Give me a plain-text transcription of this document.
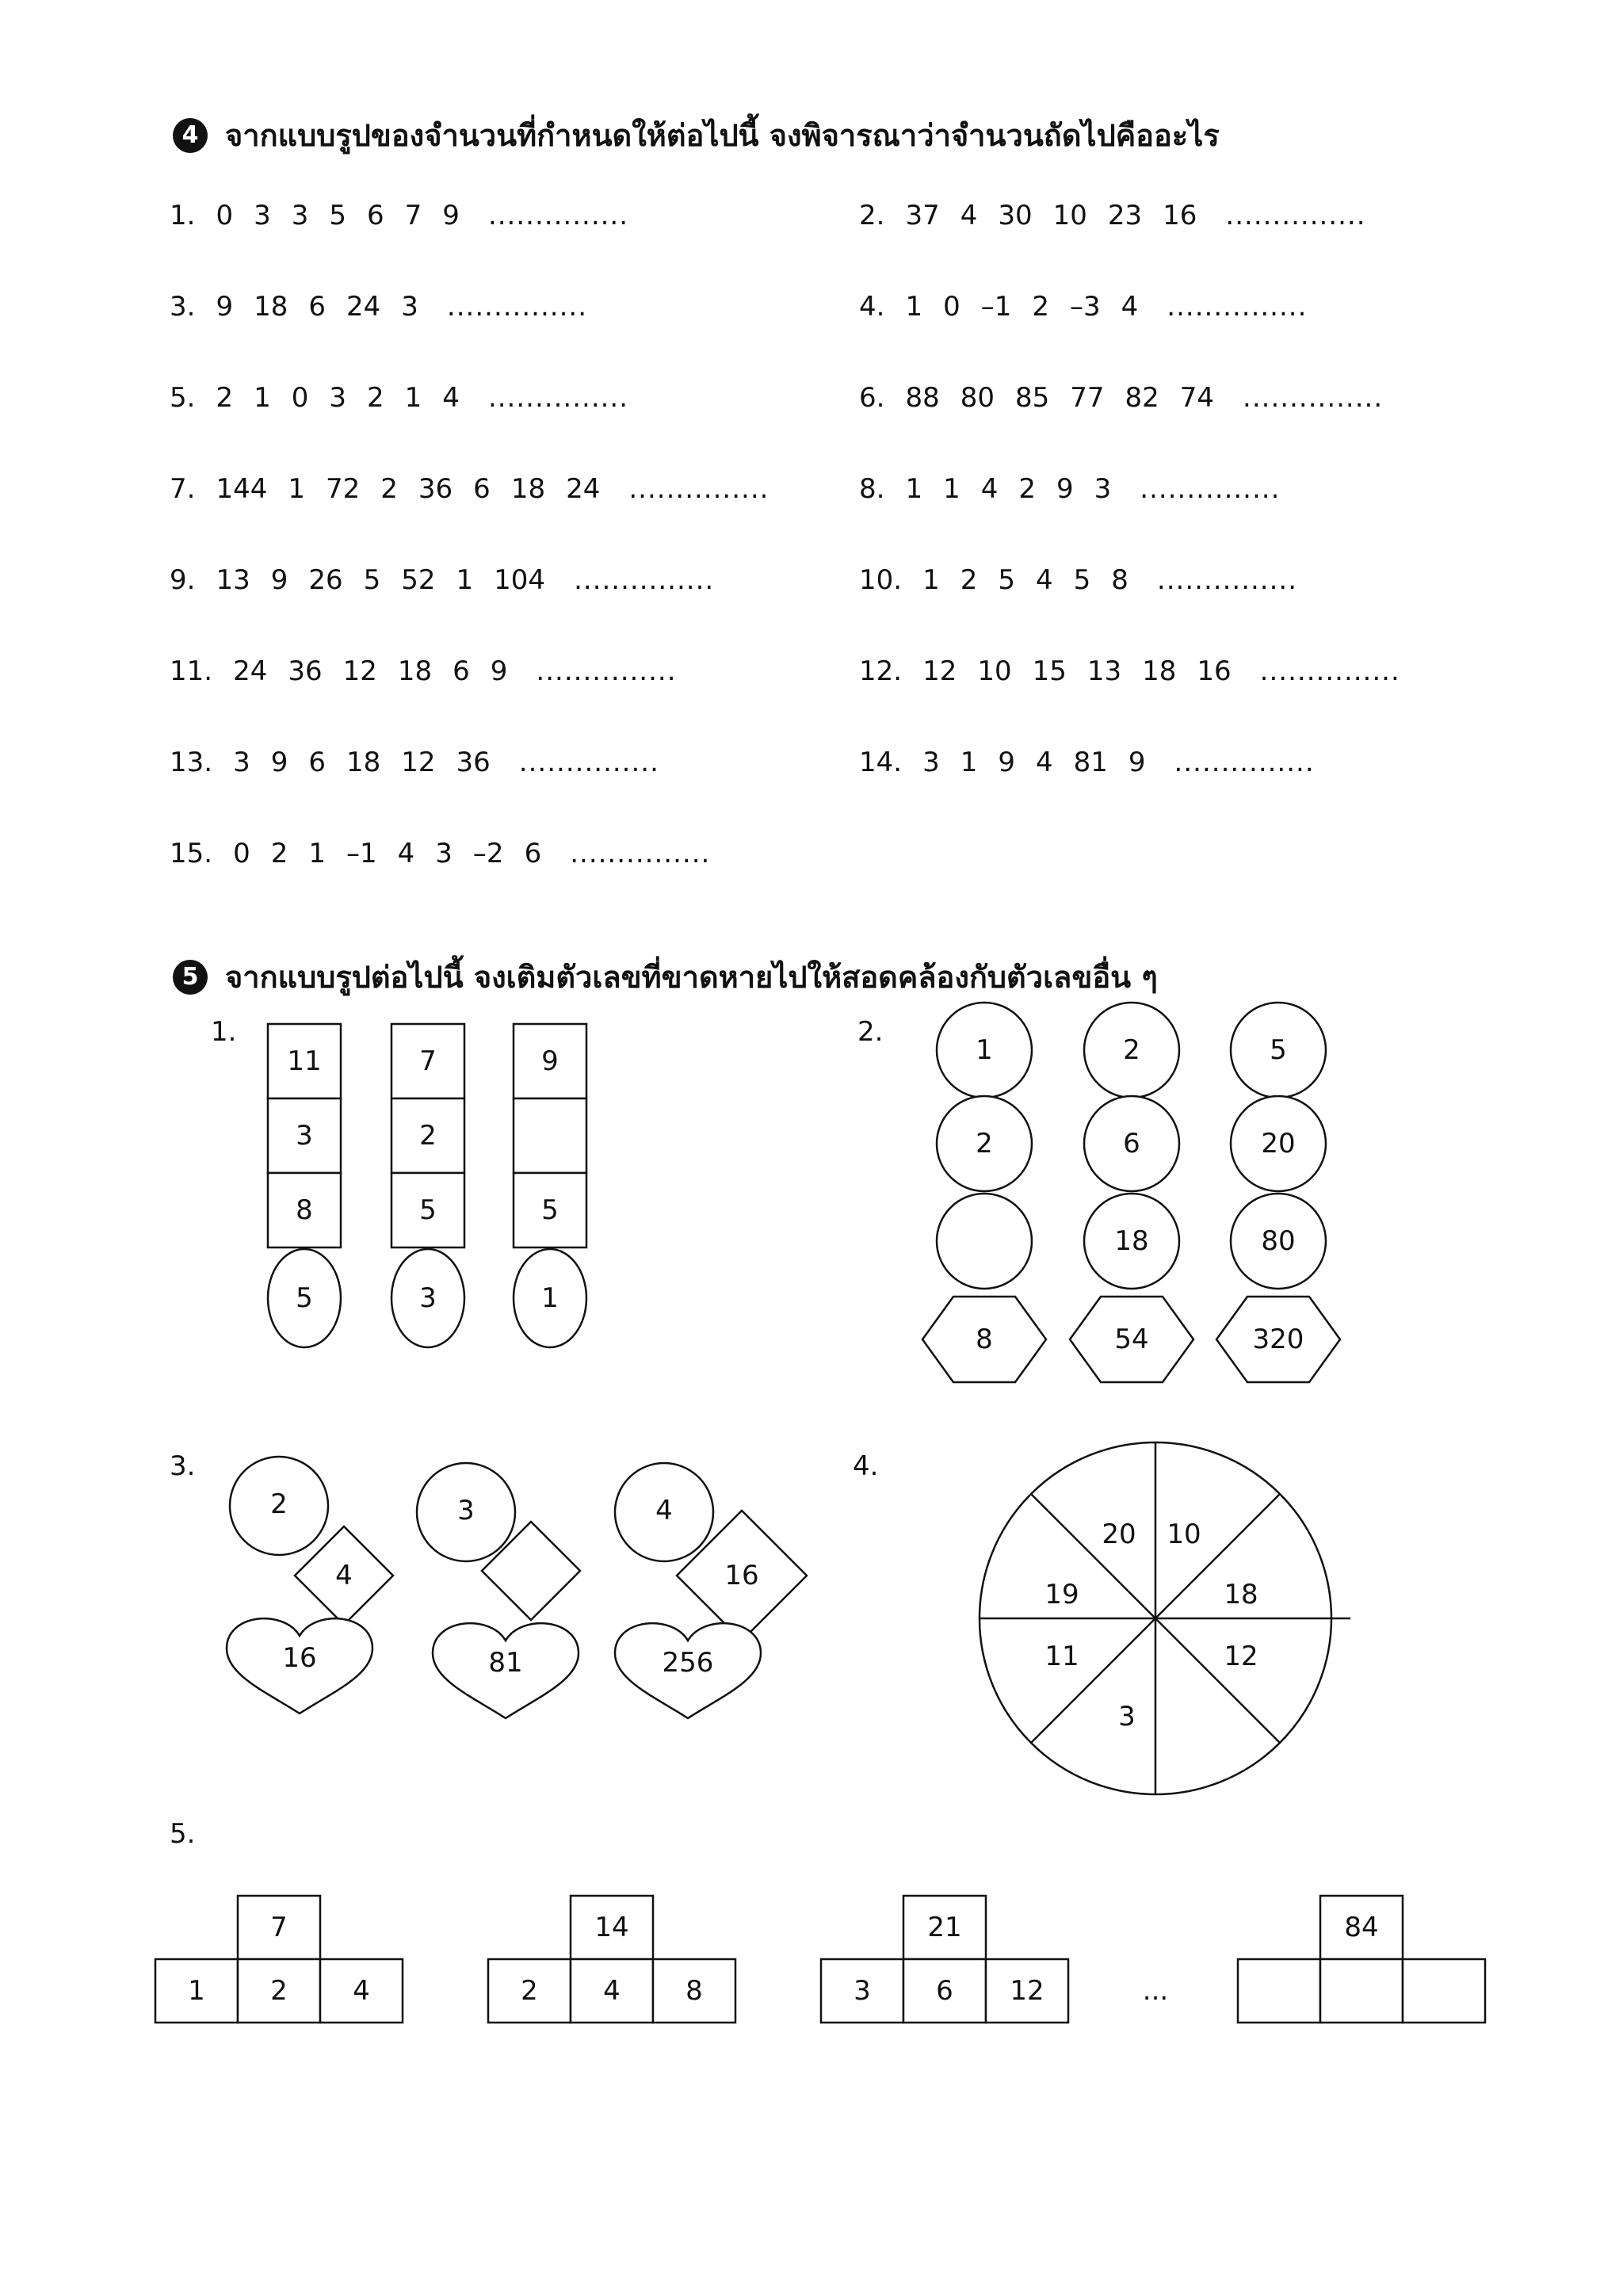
4 จากแบบรูปของจำนวนที่กำหนดให้ต่อไปนี้ จงพิจารณาว่าจำนวนถัดไปคืออะไร
1. 0 3 3 5 6 7 9 ...............	2. 37 4 30 10 23 16 ...............
3. 9 18 6 24 3 ...............	4. 1 0 –1 2 –3 4 ...............
5. 2 1 0 3 2 1 4 ...............	6. 88 80 85 77 82 74 ...............
7. 144 1 72 2 36 6 18 24 ...............	8. 1 1 4 2 9 3 ...............
9. 13 9 26 5 52 1 104 ...............	10. 1 2 5 4 5 8 ...............
11. 24 36 12 18 6 9 ...............	12. 12 10 15 13 18 16 ...............
13. 3 9 6 18 12 36 ...............	14. 3 1 9 4 81 9 ...............
15. 0 2 1 –1 4 3 –2 6 ...............
5 จากแบบรูปต่อไปนี้ จงเติมตัวเลขที่ขาดหายไปให้สอดคล้องกับตัวเลขอื่น ๆ
1.	2.
3.	4.
5.
11
3
8
5
7
2
5
3
9
5
1
1
2
8
2
6
18
54
5
20
80
320
2
4
16
3
81
4
16
256
20 10
18
12
3
11
19
7
1 2 4
14
2 4 8
21
3 6 12
84
...
